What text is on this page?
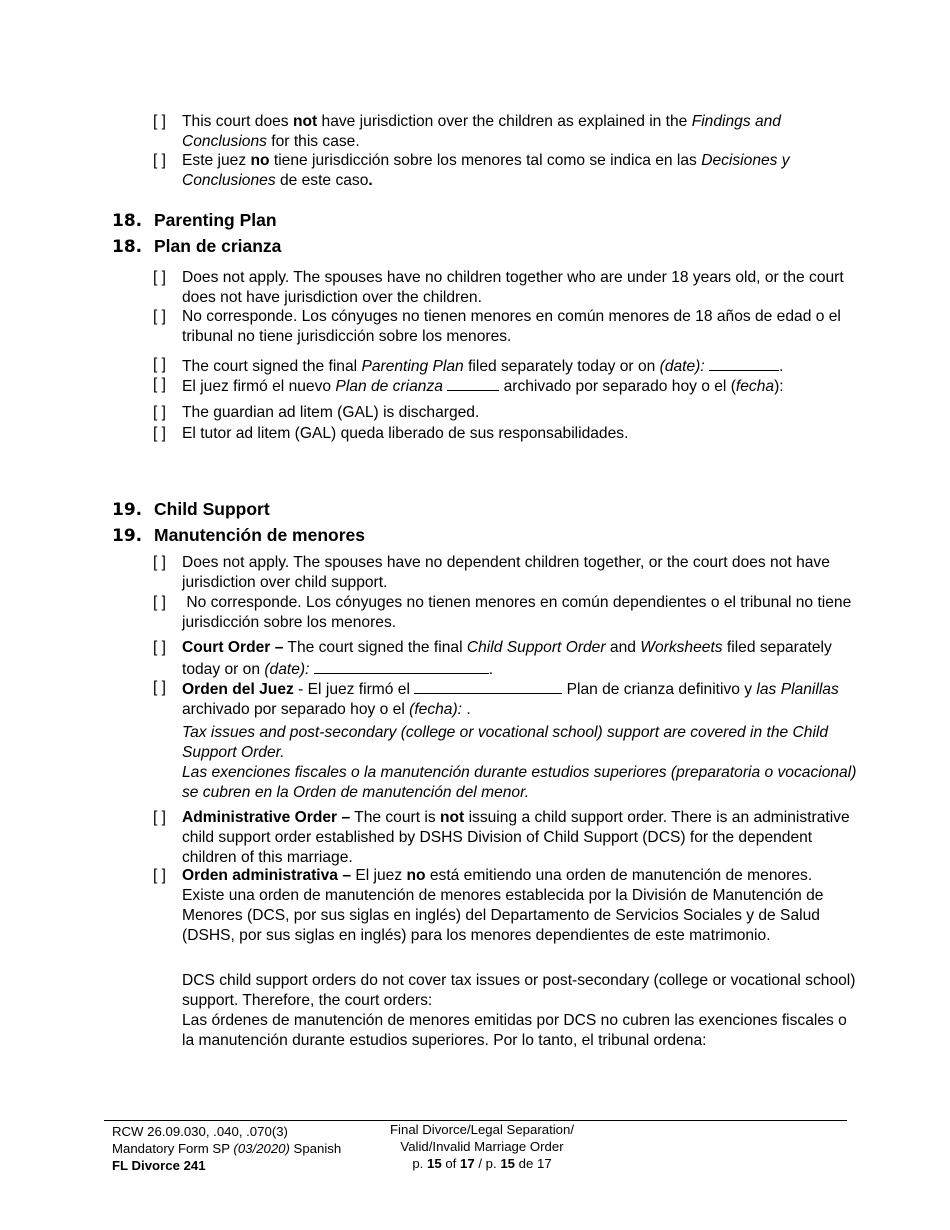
[ ] This court does not have jurisdiction over the children as explained in the Findings and Conclusions for this case.
[ ] Este juez no tiene jurisdicción sobre los menores tal como se indica en las Decisiones y Conclusiones de este caso.
18. Parenting Plan
18. Plan de crianza
[ ] Does not apply. The spouses have no children together who are under 18 years old, or the court does not have jurisdiction over the children.
[ ] No corresponde. Los cónyuges no tienen menores en común menores de 18 años de edad o el tribunal no tiene jurisdicción sobre los menores.
[ ] The court signed the final Parenting Plan filed separately today or on (date):	.
[ ] El juez firmó el nuevo Plan de crianza	archivado por separado hoy o el (fecha):
[ ] The guardian ad litem (GAL) is discharged.
[ ] El tutor ad litem (GAL) queda liberado de sus responsabilidades.
19. Child Support
19. Manutención de menores
[ ] Does not apply. The spouses have no dependent children together, or the court does not have jurisdiction over child support.
[ ] No corresponde. Los cónyuges no tienen menores en común dependientes o el tribunal no tiene jurisdicción sobre los menores.
[ ] Court Order – The court signed the final Child Support Order and Worksheets filed separately today or on (date):	.
[ ] Orden del Juez - El juez firmó el	Plan de crianza definitivo y las Planillas archivado por separado hoy o el (fecha): .
Tax issues and post-secondary (college or vocational school) support are covered in the Child Support Order.
Las exenciones fiscales o la manutención durante estudios superiores (preparatoria o vocacional) se cubren en la Orden de manutención del menor.
[ ] Administrative Order – The court is not issuing a child support order. There is an administrative child support order established by DSHS Division of Child Support (DCS) for the dependent children of this marriage.
[ ] Orden administrativa – El juez no está emitiendo una orden de manutención de menores. Existe una orden de manutención de menores establecida por la División de Manutención de Menores (DCS, por sus siglas en inglés) del Departamento de Servicios Sociales y de Salud (DSHS, por sus siglas en inglés) para los menores dependientes de este matrimonio.
DCS child support orders do not cover tax issues or post-secondary (college or vocational school) support. Therefore, the court orders:
Las órdenes de manutención de menores emitidas por DCS no cubren las exenciones fiscales o la manutención durante estudios superiores. Por lo tanto, el tribunal ordena:
RCW 26.09.030, .040, .070(3)
Mandatory Form SP (03/2020) Spanish
FL Divorce 241
Final Divorce/Legal Separation/
Valid/Invalid Marriage Order
p. 15 of 17 / p. 15 de 17
